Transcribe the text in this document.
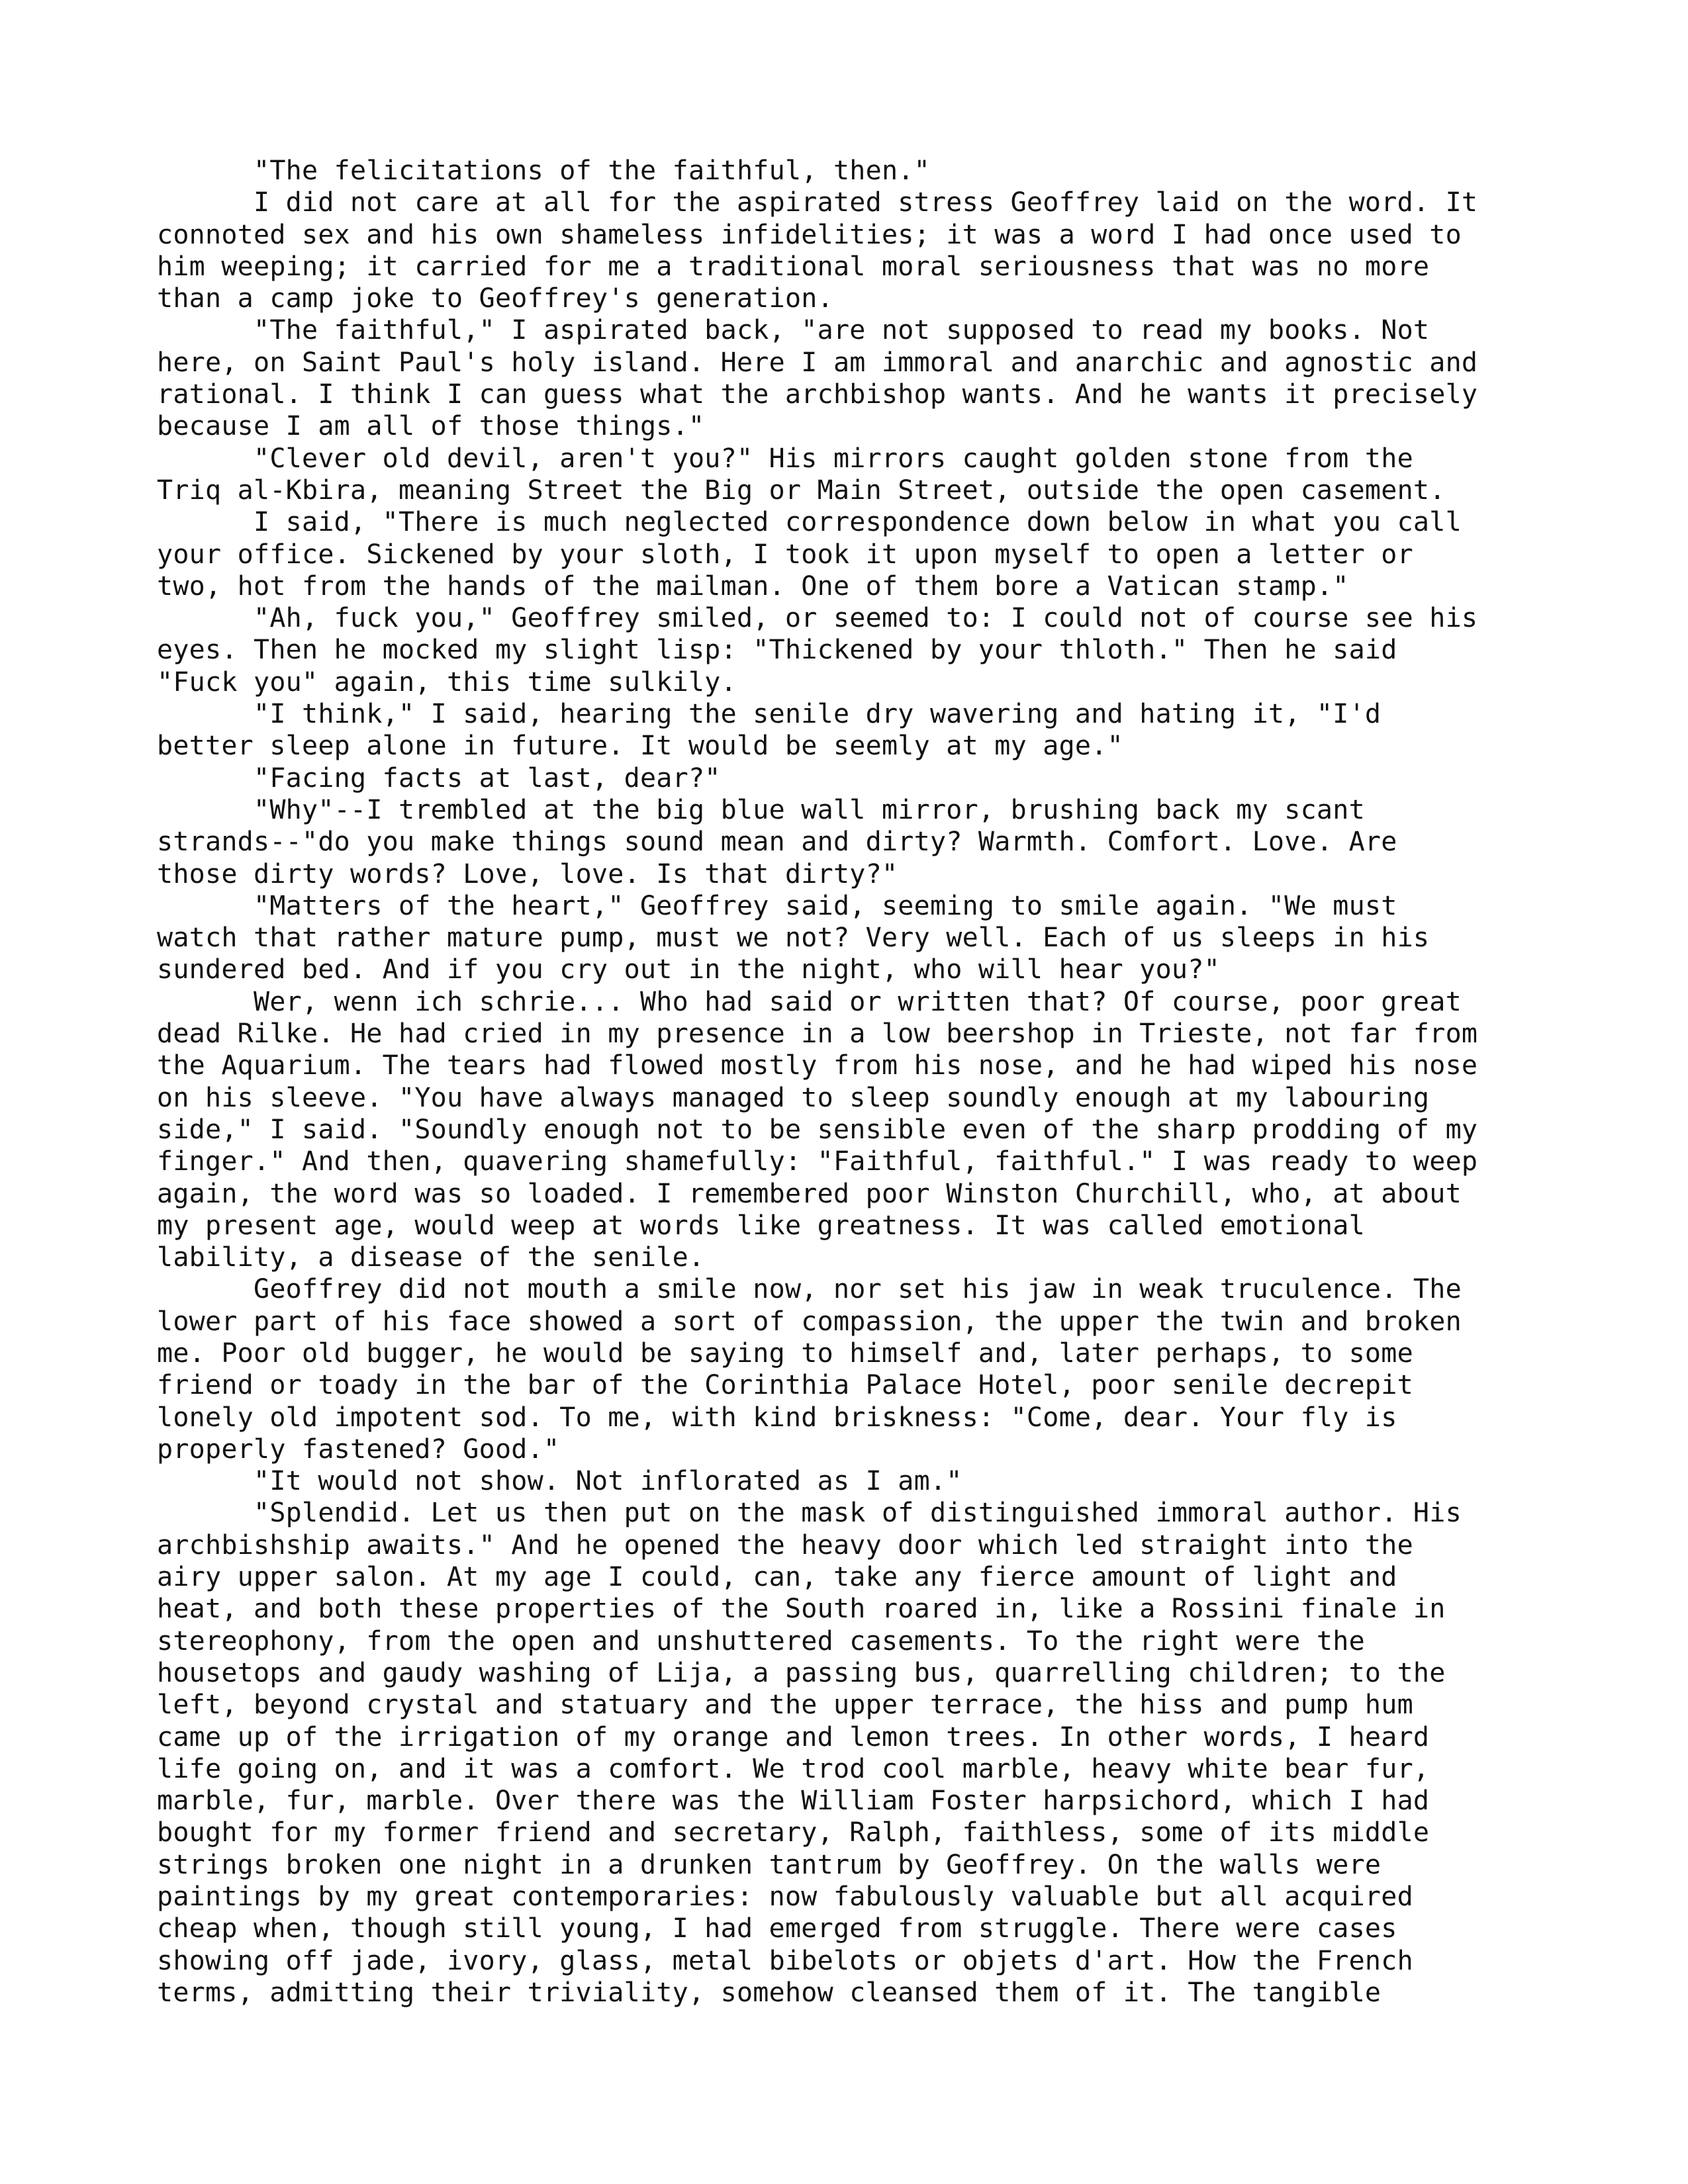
"The felicitations of the faithful, then."
I did not care at all for the aspirated stress Geoffrey laid on the word. It
connoted sex and his own shameless infidelities; it was a word I had once used to
him weeping; it carried for me a traditional moral seriousness that was no more
than a camp joke to Geoffrey's generation.
"The faithful," I aspirated back, "are not supposed to read my books. Not
here, on Saint Paul's holy island. Here I am immoral and anarchic and agnostic and
rational. I think I can guess what the archbishop wants. And he wants it precisely
because I am all of those things."
"Clever old devil, aren't you?" His mirrors caught golden stone from the
Triq al-Kbira, meaning Street the Big or Main Street, outside the open casement.
I said, "There is much neglected correspondence down below in what you call
your office. Sickened by your sloth, I took it upon myself to open a letter or
two, hot from the hands of the mailman. One of them bore a Vatican stamp."
"Ah, fuck you," Geoffrey smiled, or seemed to: I could not of course see his
eyes. Then he mocked my slight lisp: "Thickened by your thloth." Then he said
"Fuck you" again, this time sulkily.
"I think," I said, hearing the senile dry wavering and hating it, "I'd
better sleep alone in future. It would be seemly at my age."
"Facing facts at last, dear?"
"Why"--I trembled at the big blue wall mirror, brushing back my scant
strands--"do you make things sound mean and dirty? Warmth. Comfort. Love. Are
those dirty words? Love, love. Is that dirty?"
"Matters of the heart," Geoffrey said, seeming to smile again. "We must
watch that rather mature pump, must we not? Very well. Each of us sleeps in his
sundered bed. And if you cry out in the night, who will hear you?"
Wer, wenn ich schrie... Who had said or written that? Of course, poor great
dead Rilke. He had cried in my presence in a low beershop in Trieste, not far from
the Aquarium. The tears had flowed mostly from his nose, and he had wiped his nose
on his sleeve. "You have always managed to sleep soundly enough at my labouring
side," I said. "Soundly enough not to be sensible even of the sharp prodding of my
finger." And then, quavering shamefully: "Faithful, faithful." I was ready to weep
again, the word was so loaded. I remembered poor Winston Churchill, who, at about
my present age, would weep at words like greatness. It was called emotional
lability, a disease of the senile.
Geoffrey did not mouth a smile now, nor set his jaw in weak truculence. The
lower part of his face showed a sort of compassion, the upper the twin and broken
me. Poor old bugger, he would be saying to himself and, later perhaps, to some
friend or toady in the bar of the Corinthia Palace Hotel, poor senile decrepit
lonely old impotent sod. To me, with kind briskness: "Come, dear. Your fly is
properly fastened? Good."
"It would not show. Not inflorated as I am."
"Splendid. Let us then put on the mask of distinguished immoral author. His
archbishship awaits." And he opened the heavy door which led straight into the
airy upper salon. At my age I could, can, take any fierce amount of light and
heat, and both these properties of the South roared in, like a Rossini finale in
stereophony, from the open and unshuttered casements. To the right were the
housetops and gaudy washing of Lija, a passing bus, quarrelling children; to the
left, beyond crystal and statuary and the upper terrace, the hiss and pump hum
came up of the irrigation of my orange and lemon trees. In other words, I heard
life going on, and it was a comfort. We trod cool marble, heavy white bear fur,
marble, fur, marble. Over there was the William Foster harpsichord, which I had
bought for my former friend and secretary, Ralph, faithless, some of its middle
strings broken one night in a drunken tantrum by Geoffrey. On the walls were
paintings by my great contemporaries: now fabulously valuable but all acquired
cheap when, though still young, I had emerged from struggle. There were cases
showing off jade, ivory, glass, metal bibelots or objets d'art. How the French
terms, admitting their triviality, somehow cleansed them of it. The tangible
